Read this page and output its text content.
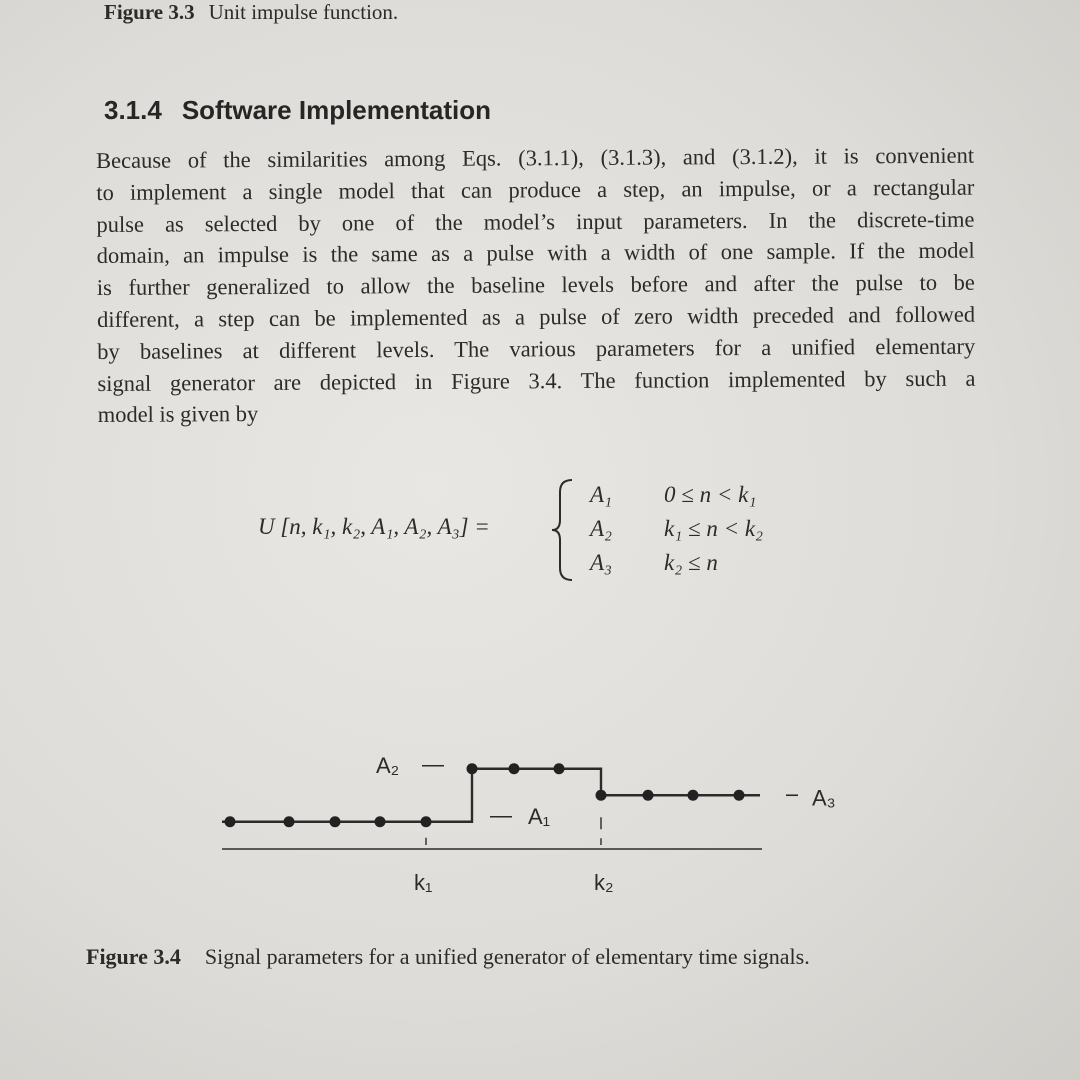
Figure 3.3 Unit impulse function.
3.1.4 Software Implementation
Because of the similarities among Eqs. (3.1.1), (3.1.3), and (3.1.2), it is convenient
to implement a single model that can produce a step, an impulse, or a rectangular
pulse as selected by one of the model’s input parameters. In the discrete-time
domain, an impulse is the same as a pulse with a width of one sample. If the model
is further generalized to allow the baseline levels before and after the pulse to be
different, a step can be implemented as a pulse of zero width preceded and followed
by baselines at different levels. The various parameters for a unified elementary
signal generator are depicted in Figure 3.4. The function implemented by such a
model is given by
U [n, k₁, k₂, A₁, A₂, A₃] =
A₁ 0 ≤ n < k₁
A₂ k₁ ≤ n < k₂
A₃ k₂ ≤ n
A₂
A₁
A₃
k₁	k₂
Figure 3.4 Signal parameters for a unified generator of elementary time signals.
